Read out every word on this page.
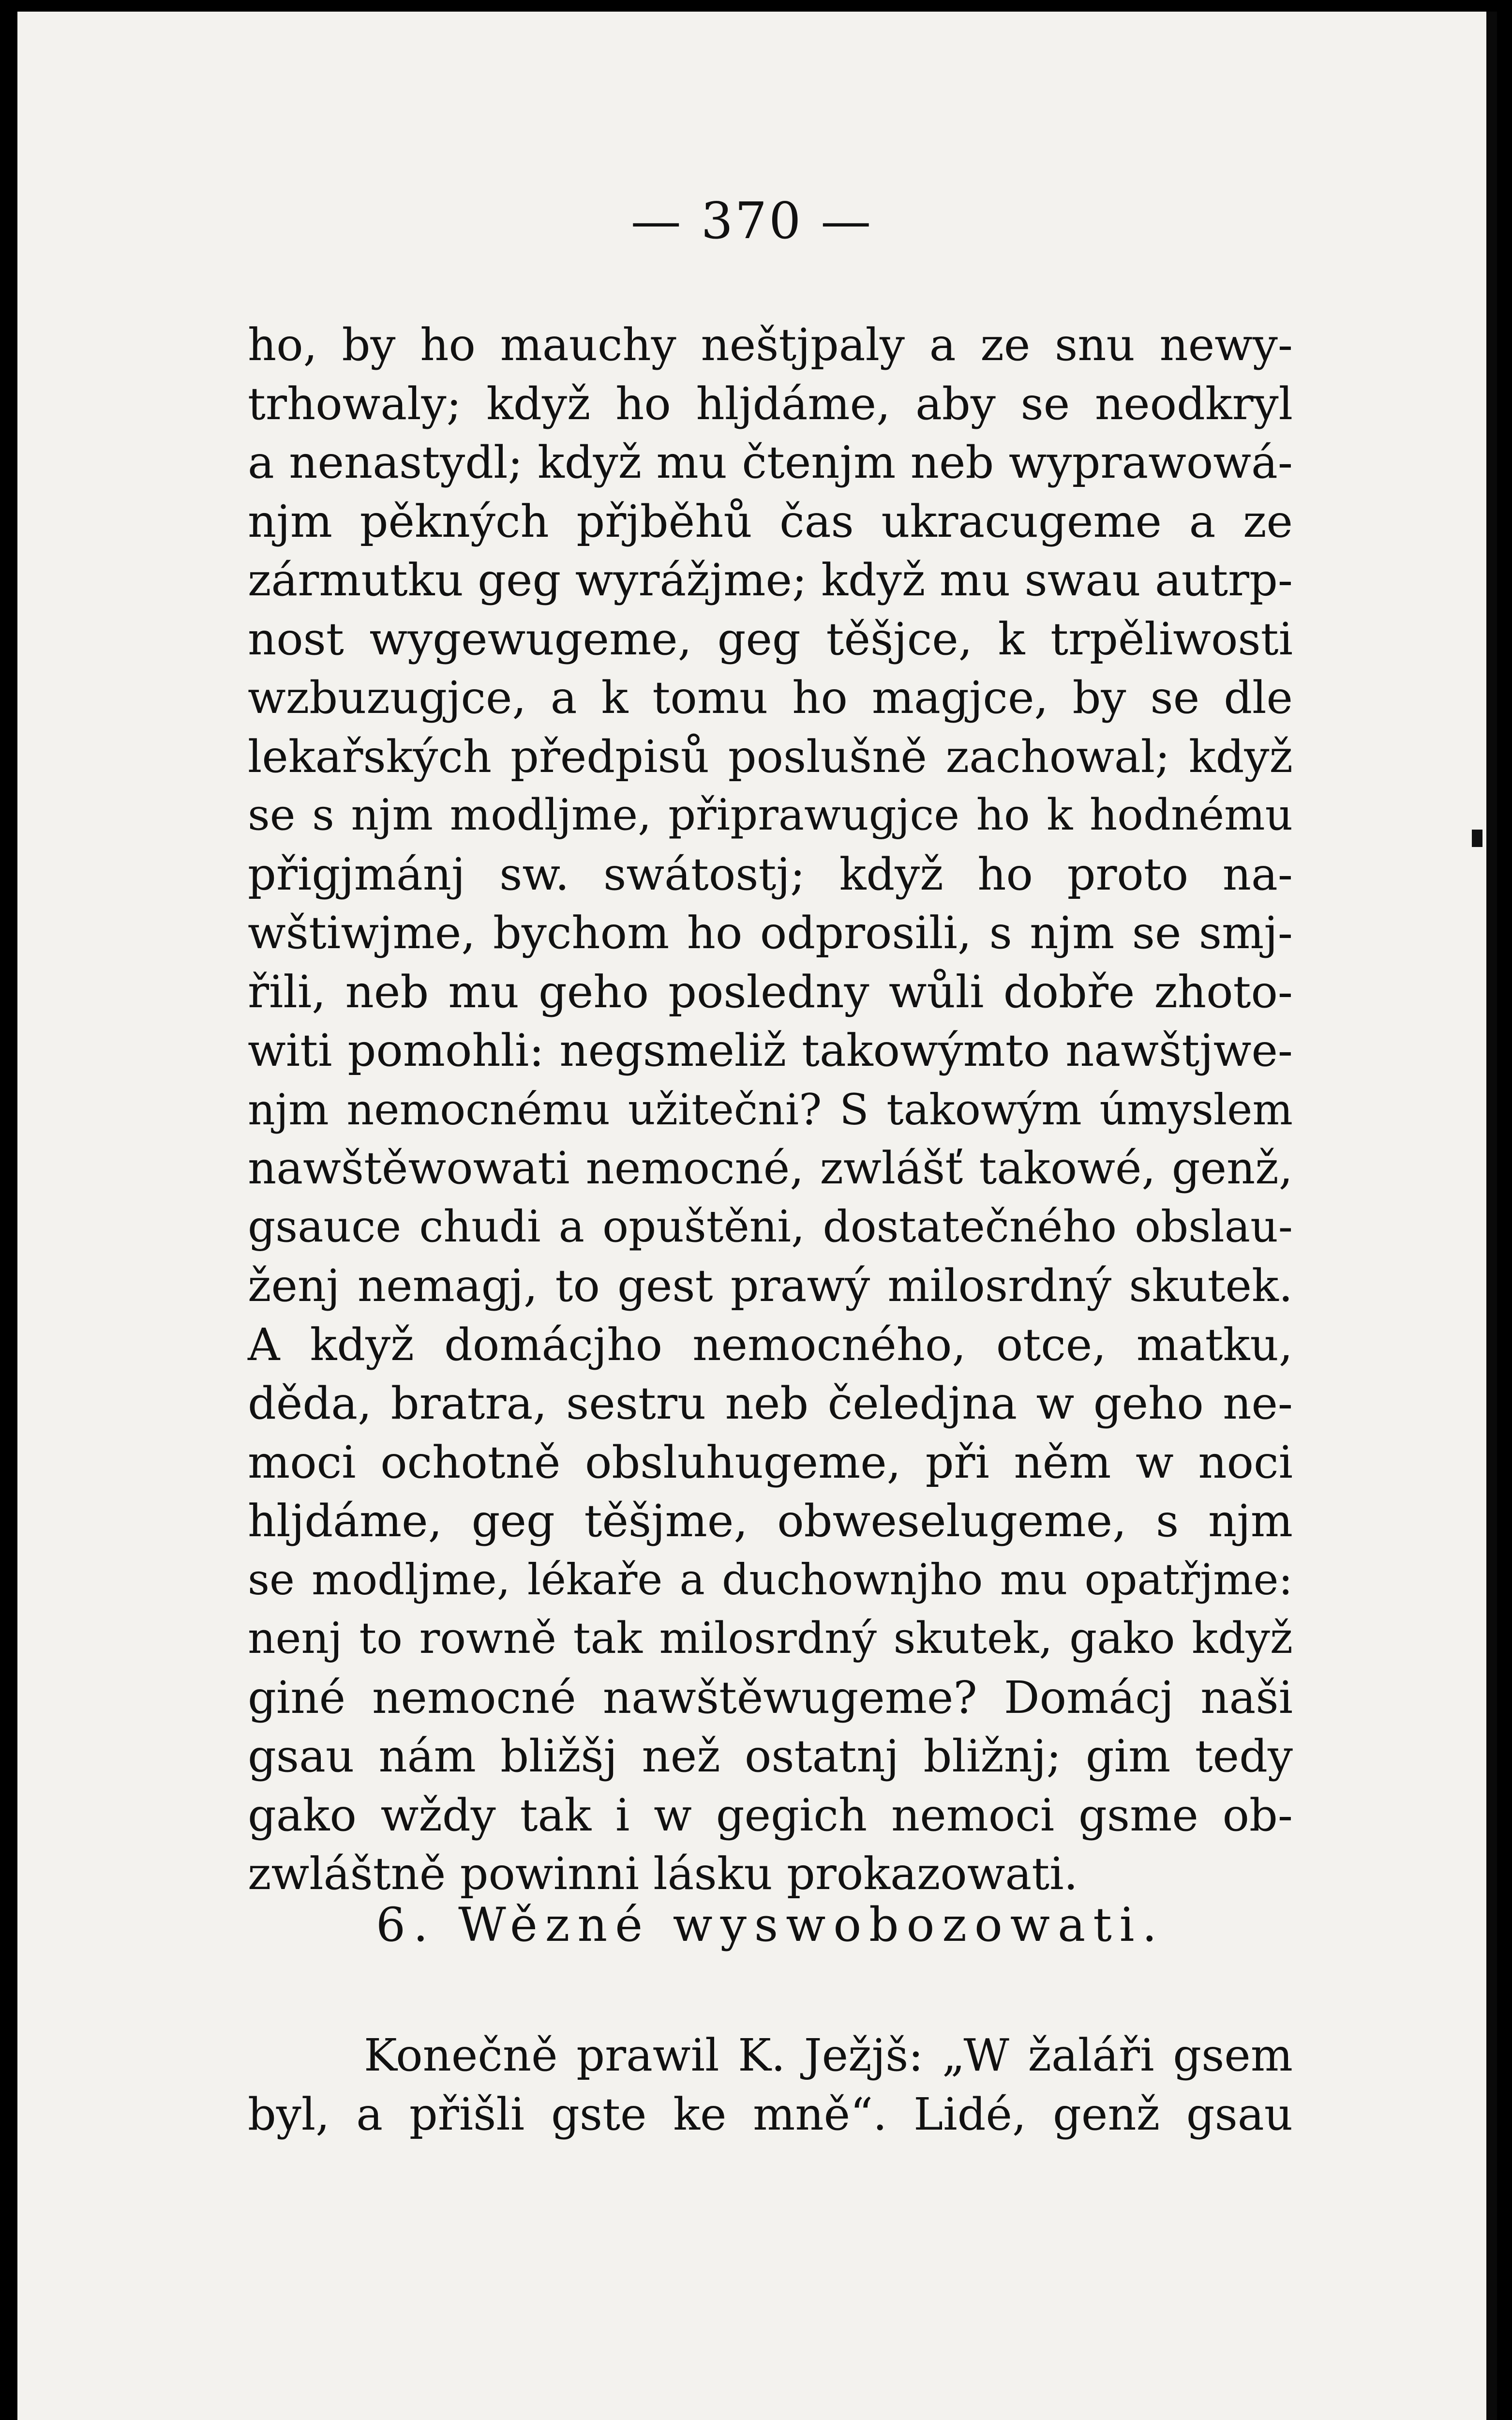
— 370 —

ho, by ho mauchy neštjpaly a ze snu newy-
trhowaly; když ho hljdáme, aby se neodkryl
a nenastydl; když mu čtenjm neb wyprawowá-
njm pěkných přjběhů čas ukracugeme a ze
zármutku geg wyrážjme; když mu swau autrp-
nost wygewugeme, geg těšjce, k trpěliwosti
wzbuzugjce, a k tomu ho magjce, by se dle
lekařských předpisů poslušně zachowal; když
se s njm modljme, připrawugjce ho k hodnému
přigjmánj sw. swátostj; když ho proto na-
wštiwjme, bychom ho odprosili, s njm se smj-
řili, neb mu geho posledny wůli dobře zhoto-
witi pomohli: negsmeliž takowýmto nawštjwe-
njm nemocnému užitečni? S takowým úmyslem
nawštěwowati nemocné, zwlášť takowé, genž,
gsauce chudi a opuštěni, dostatečného obslau-
ženj nemagj, to gest prawý milosrdný skutek.
A když domácjho nemocného, otce, matku,
děda, bratra, sestru neb čeledjna w geho ne-
moci ochotně obsluhugeme, při něm w noci
hljdáme, geg těšjme, obweselugeme, s njm
se modljme, lékaře a duchownjho mu opatřjme:
nenj to rowně tak milosrdný skutek, gako když
giné nemocné nawštěwugeme? Domácj naši
gsau nám bližšj než ostatnj bližnj; gim tedy
gako wždy tak i w gegich nemoci gsme ob-
zwláštně powinni lásku prokazowati.

6. Wězné wyswobozowati.

Konečně prawil K. Ježjš: „W žaláři gsem
byl, a přišli gste ke mně“. Lidé, genž gsau
